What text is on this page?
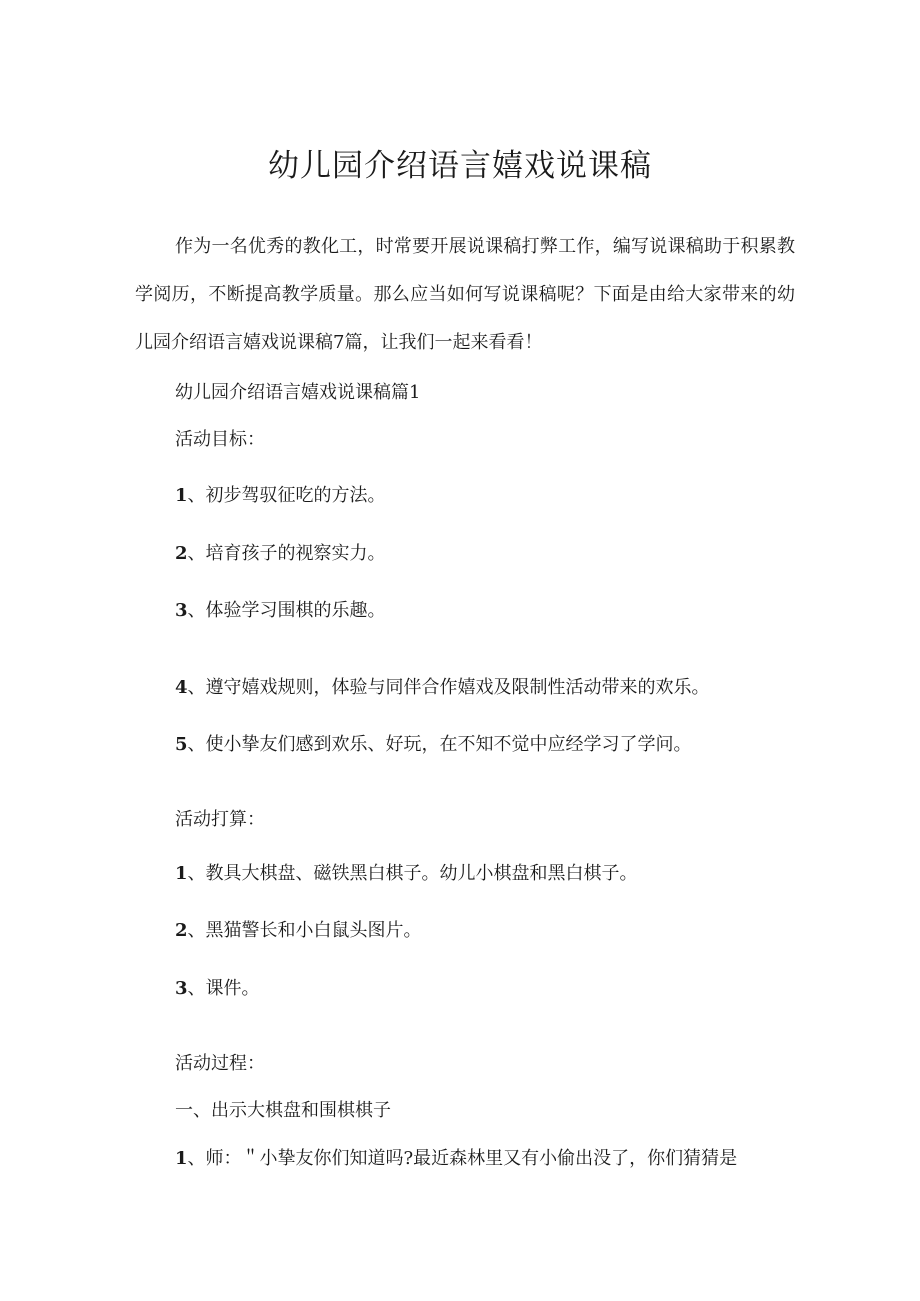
幼儿园介绍语言嬉戏说课稿

作为一名优秀的教化工，时常要开展说课稿打弊工作，编写说课稿助于积累教学阅历，不断提高教学质量。那么应当如何写说课稿呢？下面是由给大家带来的幼儿园介绍语言嬉戏说课稿7篇，让我们一起来看看！

幼儿园介绍语言嬉戏说课稿篇1

活动目标：

1、初步驾驭征吃的方法。

2、培育孩子的视察实力。

3、体验学习围棋的乐趣。

4、遵守嬉戏规则，体验与同伴合作嬉戏及限制性活动带来的欢乐。

5、使小挚友们感到欢乐、好玩，在不知不觉中应经学习了学问。

活动打算：

1、教具大棋盘、磁铁黑白棋子。幼儿小棋盘和黑白棋子。

2、黑猫警长和小白鼠头图片。

3、课件。

活动过程：

一、出示大棋盘和围棋棋子

1、师：＂小挚友你们知道吗?最近森林里又有小偷出没了，你们猜猜是
